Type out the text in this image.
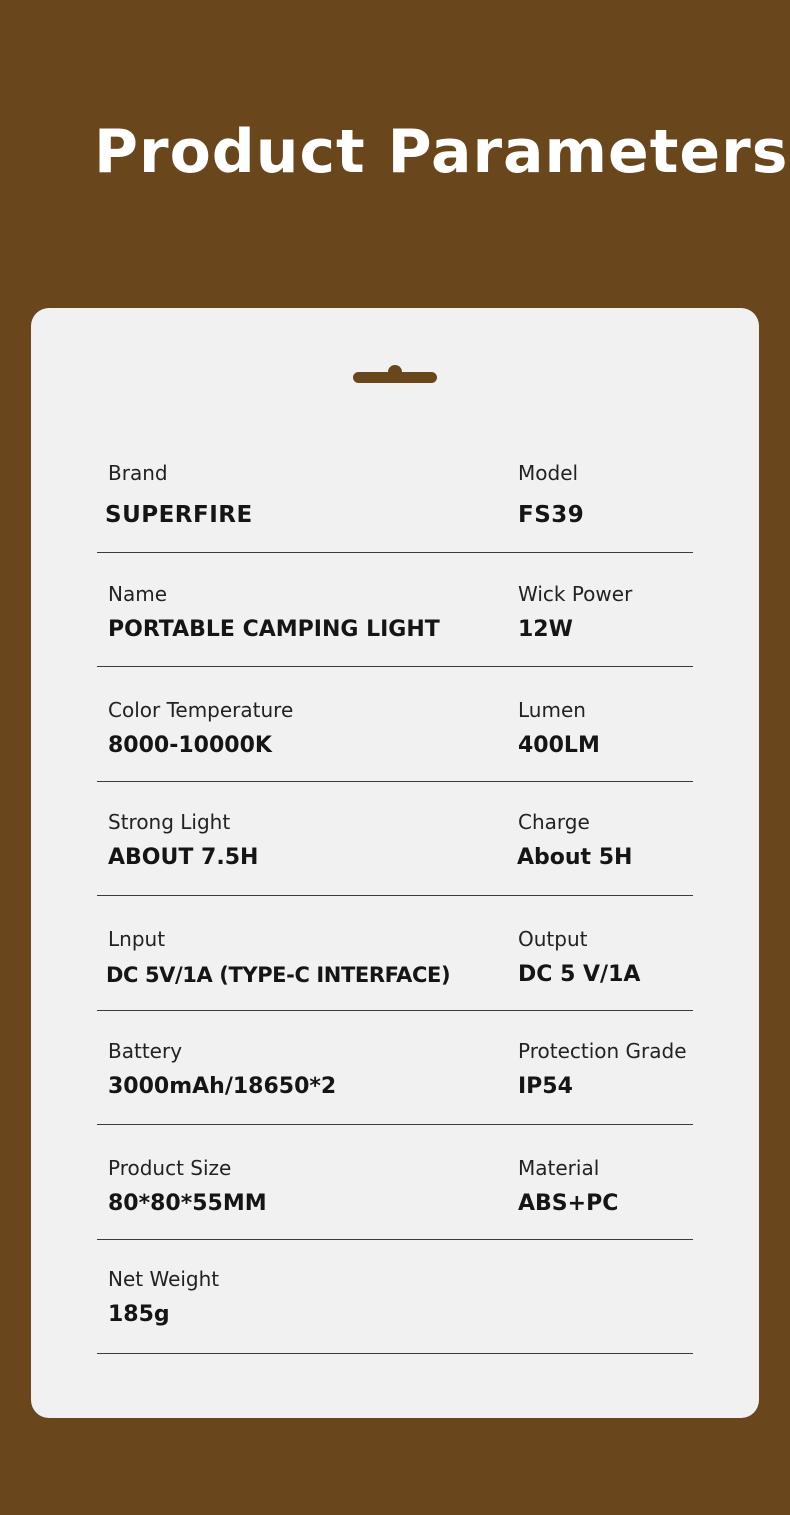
Product Parameters
Brand
SUPERFIRE
Model
FS39
Name
PORTABLE CAMPING LIGHT
Wick Power
12W
Color Temperature
8000-10000K
Lumen
400LM
Strong Light
ABOUT 7.5H
Charge
About 5H
Lnput
DC 5V/1A (TYPE-C INTERFACE)
Output
DC 5 V/1A
Battery
3000mAh/18650*2
Protection Grade
IP54
Product Size
80*80*55MM
Material
ABS+PC
Net Weight
185g
